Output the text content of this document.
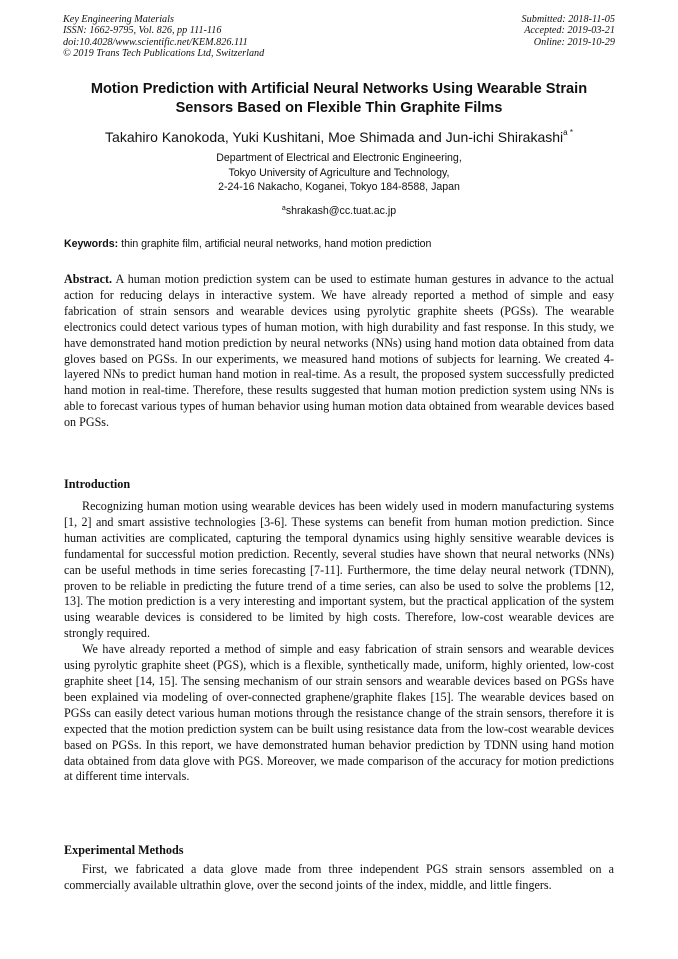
Key Engineering Materials
ISSN: 1662-9795, Vol. 826, pp 111-116
doi:10.4028/www.scientific.net/KEM.826.111
© 2019 Trans Tech Publications Ltd, Switzerland
Submitted: 2018-11-05
Accepted: 2019-03-21
Online: 2019-10-29
Motion Prediction with Artificial Neural Networks Using Wearable Strain
Sensors Based on Flexible Thin Graphite Films
Takahiro Kanokoda, Yuki Kushitani, Moe Shimada and Jun-ichi Shirakashi$^{a *}$
Department of Electrical and Electronic Engineering,
Tokyo University of Agriculture and Technology,
2-24-16 Nakacho, Koganei, Tokyo 184-8588, Japan
$^a$shrakash@cc.tuat.ac.jp
Keywords: thin graphite film, artificial neural networks, hand motion prediction
Abstract. A human motion prediction system can be used to estimate human gestures in advance to the actual action for reducing delays in interactive system. We have already reported a method of simple and easy fabrication of strain sensors and wearable devices using pyrolytic graphite sheets (PGSs). The wearable electronics could detect various types of human motion, with high durability and fast response. In this study, we have demonstrated hand motion prediction by neural networks (NNs) using hand motion data obtained from data gloves based on PGSs. In our experiments, we measured hand motions of subjects for learning. We created 4-layered NNs to predict human hand motion in real-time. As a result, the proposed system successfully predicted hand motion in real-time. Therefore, these results suggested that human motion prediction system using NNs is able to forecast various types of human behavior using human motion data obtained from wearable devices based on PGSs.
Introduction

Recognizing human motion using wearable devices has been widely used in modern manufacturing systems [1, 2] and smart assistive technologies [3-6]. These systems can benefit from human motion prediction. Since human activities are complicated, capturing the temporal dynamics using highly sensitive wearable devices is fundamental for successful motion prediction. Recently, several studies have shown that neural networks (NNs) can be useful methods in time series forecasting [7-11]. Furthermore, the time delay neural network (TDNN), proven to be reliable in predicting the future trend of a time series, can also be used to solve the problems [12, 13]. The motion prediction is a very interesting and important system, but the practical application of the system using wearable devices is considered to be limited by high costs. Therefore, low-cost wearable devices are strongly required.

We have already reported a method of simple and easy fabrication of strain sensors and wearable devices using pyrolytic graphite sheet (PGS), which is a flexible, synthetically made, uniform, highly oriented, low-cost graphite sheet [14, 15]. The sensing mechanism of our strain sensors and wearable devices based on PGSs have been explained via modeling of over-connected graphene/graphite flakes [15]. The wearable devices based on PGSs can easily detect various human motions through the resistance change of the strain sensors, therefore it is expected that the motion prediction system can be built using resistance data from the low-cost wearable devices based on PGSs. In this report, we have demonstrated human behavior prediction by TDNN using hand motion data obtained from data glove with PGS. Moreover, we made comparison of the accuracy for motion predictions at different time intervals.

Experimental Methods

First, we fabricated a data glove made from three independent PGS strain sensors assembled on a commercially available ultrathin glove, over the second joints of the index, middle, and little fingers.
